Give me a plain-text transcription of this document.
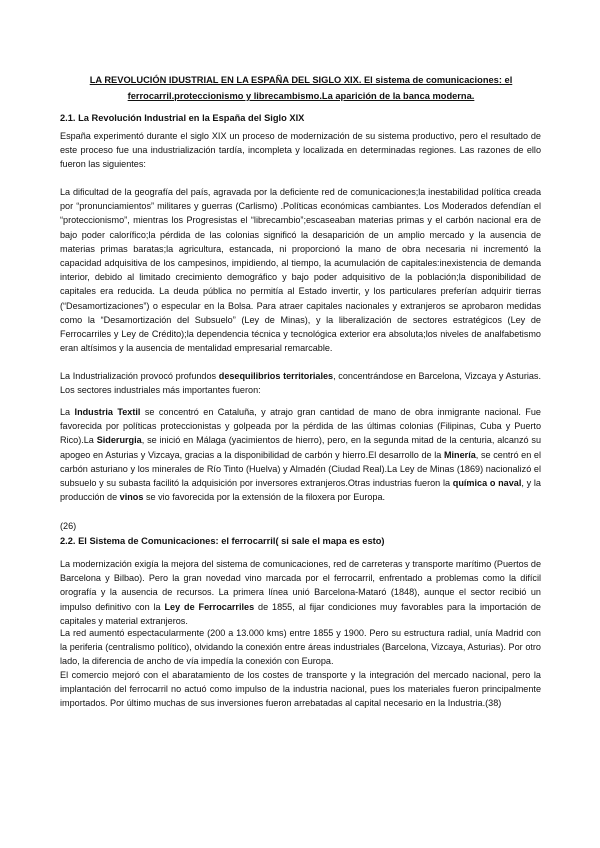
LA REVOLUCIÓN IDUSTRIAL EN LA ESPAÑA DEL SIGLO XIX. El sistema de comunicaciones: el ferrocarril.proteccionismo y librecambismo.La aparición de la banca moderna.
2.1. La Revolución Industrial en la España del Siglo XIX

España experimentó durante el siglo XIX un proceso de modernización de su sistema productivo, pero el resultado de este proceso fue una industrialización tardía, incompleta y localizada en determinadas regiones. Las razones de ello fueron las siguientes:

La dificultad de la geografía del país, agravada por la deficiente red de comunicaciones;la inestabilidad política creada por “pronunciamientos” militares y guerras (Carlismo) .Políticas económicas cambiantes. Los Moderados defendían el “proteccionismo”, mientras los Progresistas el “librecambio”;escaseaban materias primas y el carbón nacional era de bajo poder calorífico;la pérdida de las colonias significó la desaparición de un amplio mercado y la ausencia de materias primas baratas;la agricultura, estancada, ni proporcionó la mano de obra necesaria ni incrementó la capacidad adquisitiva de los campesinos, impidiendo, al tiempo, la acumulación de capitales:inexistencia de demanda interior, debido al limitado crecimiento demográfico y bajo poder adquisitivo de la población;la disponibilidad de capitales era reducida. La deuda pública no permitía al Estado invertir, y los particulares preferían adquirir tierras (“Desamortizaciones”) o especular en la Bolsa. Para atraer capitales nacionales y extranjeros se aprobaron medidas como la “Desamortización del Subsuelo” (Ley de Minas), y la liberalización de sectores estratégicos (Ley de Ferrocarriles y Ley de Crédito);la dependencia técnica y tecnológica exterior era absoluta;los niveles de analfabetismo eran altísimos y la ausencia de mentalidad empresarial remarcable.

La Industrialización provocó profundos desequilibrios territoriales, concentrándose en Barcelona, Vizcaya y Asturias. Los sectores industriales más importantes fueron:

La Industria Textil se concentró en Cataluña, y atrajo gran cantidad de mano de obra inmigrante nacional. Fue favorecida por políticas proteccionistas y golpeada por la pérdida de las últimas colonias (Filipinas, Cuba y Puerto Rico).La Siderurgia, se inició en Málaga (yacimientos de hierro), pero, en la segunda mitad de la centuria, alcanzó su apogeo en Asturias y Vizcaya, gracias a la disponibilidad de carbón y hierro.El desarrollo de la Minería, se centró en el carbón asturiano y los minerales de Río Tinto (Huelva) y Almadén (Ciudad Real).La Ley de Minas (1869) nacionalizó el subsuelo y su subasta facilitó la adquisición por inversores extranjeros.Otras industrias fueron la química o naval, y la producción de vinos se vio favorecida por la extensión de la filoxera por Europa.

(26)
2.2. El Sistema de Comunicaciones: el ferrocarril( si sale el mapa es esto)

La modernización exigía la mejora del sistema de comunicaciones, red de carreteras y transporte marítimo (Puertos de Barcelona y Bilbao). Pero la gran novedad vino marcada por el ferrocarril, enfrentado a problemas como la difícil orografía y la ausencia de recursos. La primera línea unió Barcelona-Mataró (1848), aunque el sector recibió un impulso definitivo con la Ley de Ferrocarriles de 1855, al fijar condiciones muy favorables para la importación de capitales y material extranjeros.

La red aumentó espectacularmente (200 a 13.000 kms) entre 1855 y 1900. Pero su estructura radial, unía Madrid con la periferia (centralismo político), olvidando la conexión entre áreas industriales (Barcelona, Vizcaya, Asturias). Por otro lado, la diferencia de ancho de vía impedía la conexión con Europa.

El comercio mejoró con el abaratamiento de los costes de transporte y la integración del mercado nacional, pero la implantación del ferrocarril no actuó como impulso de la industria nacional, pues los materiales fueron principalmente importados. Por último muchas de sus inversiones fueron arrebatadas al capital necesario en la Industria.(38)
